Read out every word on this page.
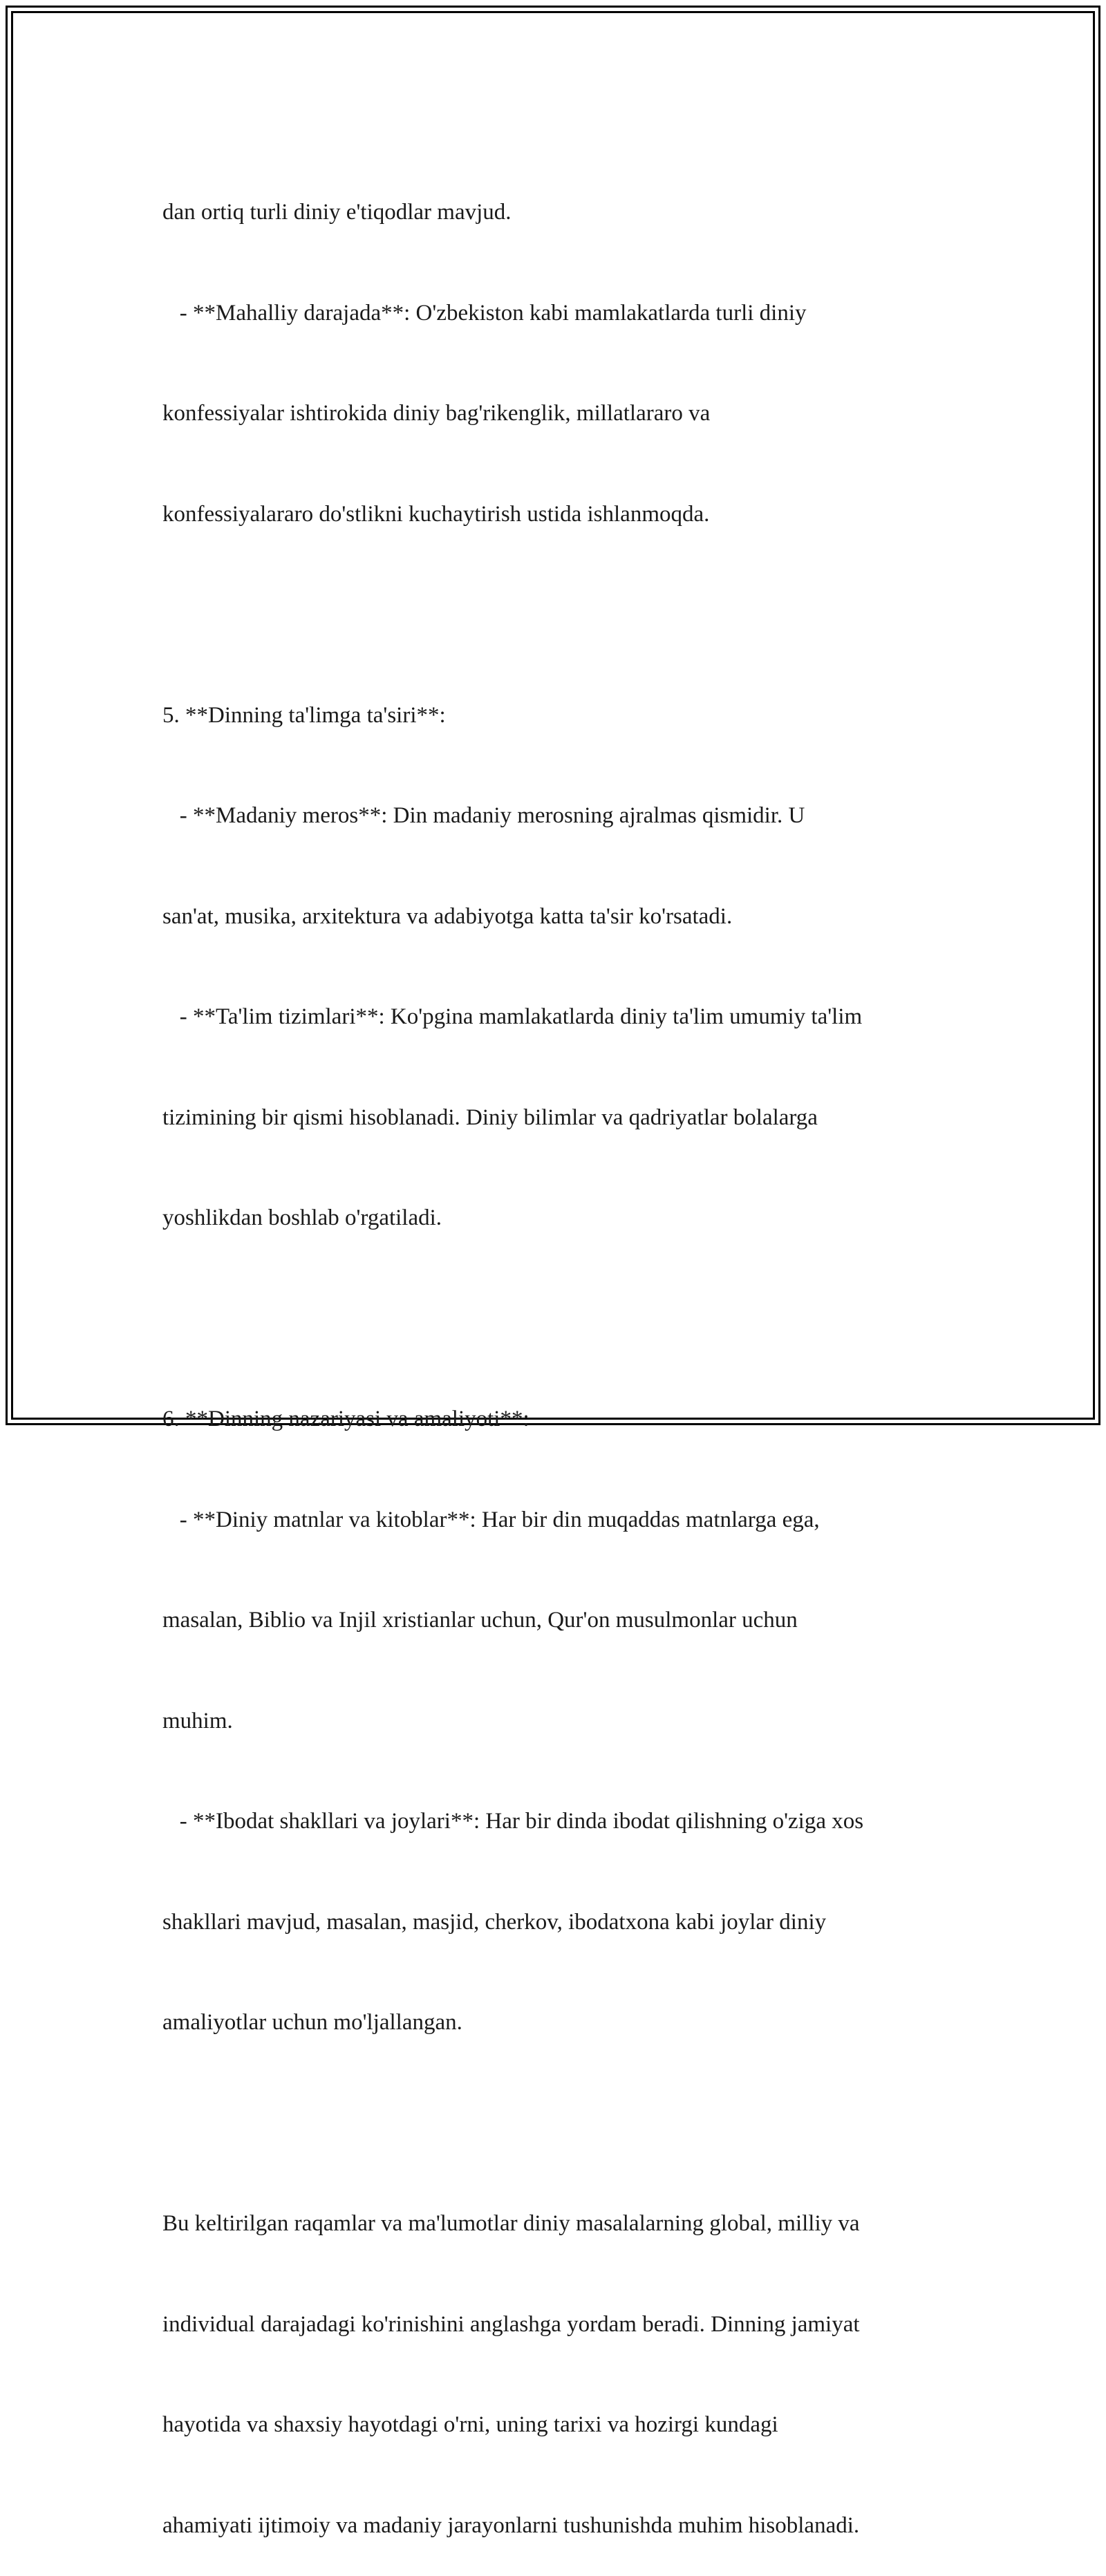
dan ortiq turli diniy e'tiqodlar mavjud.

- **Mahalliy darajada**: O'zbekiston kabi mamlakatlarda turli diniy

konfessiyalar ishtirokida diniy bag'rikenglik, millatlararo va

konfessiyalararo do'stlikni kuchaytirish ustida ishlanmoqda.

5. **Dinning ta'limga ta'siri**:

- **Madaniy meros**: Din madaniy merosning ajralmas qismidir. U

san'at, musika, arxitektura va adabiyotga katta ta'sir ko'rsatadi.

- **Ta'lim tizimlari**: Ko'pgina mamlakatlarda diniy ta'lim umumiy ta'lim

tizimining bir qismi hisoblanadi. Diniy bilimlar va qadriyatlar bolalarga

yoshlikdan boshlab o'rgatiladi.

6. **Dinning nazariyasi va amaliyoti**:

- **Diniy matnlar va kitoblar**: Har bir din muqaddas matnlarga ega,

masalan, Biblio va Injil xristianlar uchun, Qur'on musulmonlar uchun

muhim.

- **Ibodat shakllari va joylari**: Har bir dinda ibodat qilishning o'ziga xos

shakllari mavjud, masalan, masjid, cherkov, ibodatxona kabi joylar diniy

amaliyotlar uchun mo'ljallangan.

Bu keltirilgan raqamlar va ma'lumotlar diniy masalalarning global, milliy va

individual darajadagi ko'rinishini anglashga yordam beradi. Dinning jamiyat

hayotida va shaxsiy hayotdagi o'rni, uning tarixi va hozirgi kundagi

ahamiyati ijtimoiy va madaniy jarayonlarni tushunishda muhim hisoblanadi.
